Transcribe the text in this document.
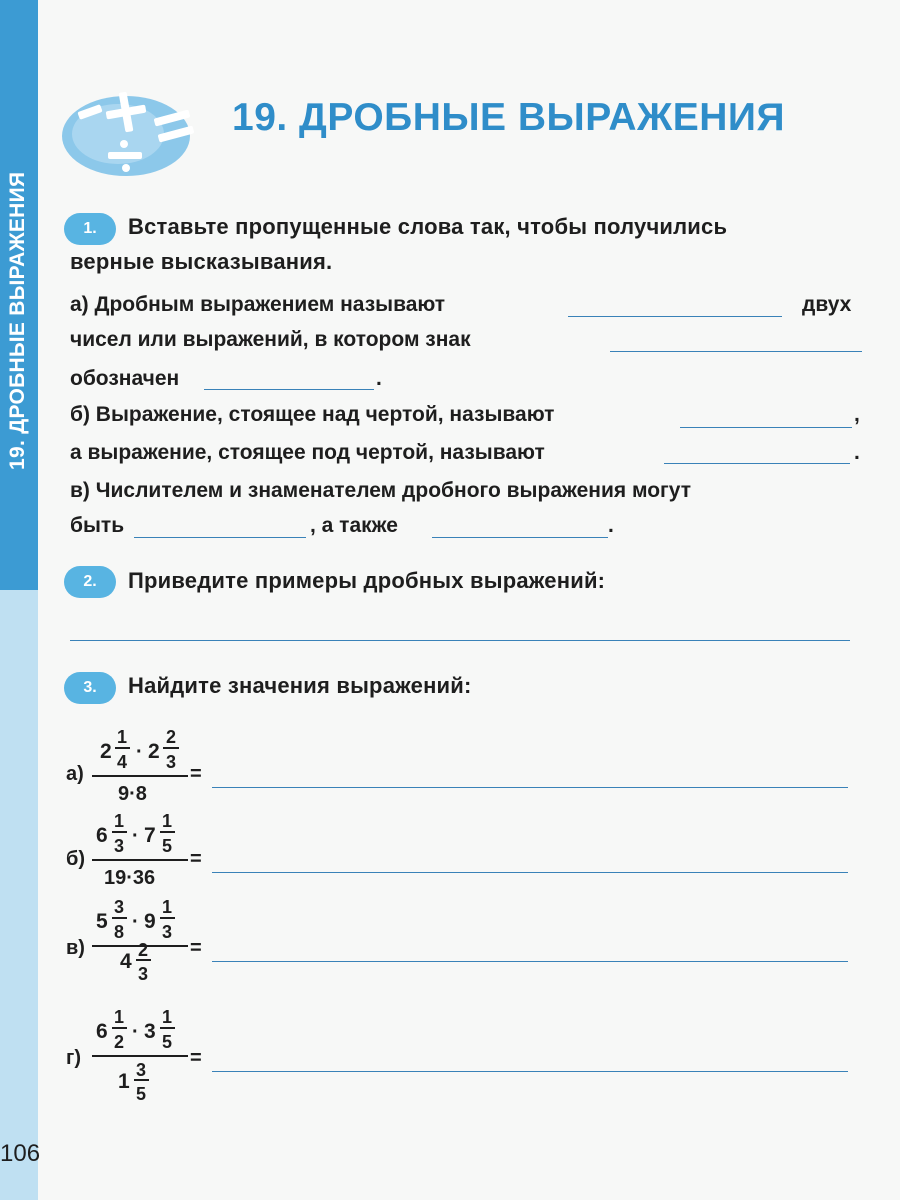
19. ДРОБНЫЕ ВЫРАЖЕНИЯ
1.	Вставьте пропущенные слова так, чтобы получились
верные высказывания.
а) Дробным выражением называют	двух
чисел или выражений, в котором знак
обозначен	.
б) Выражение, стоящее над чертой, называют	,
а выражение, стоящее под чертой, называют	.
в) Числителем и знаменателем дробного выражения могут
быть	, а также	.
2.	Приведите примеры дробных выражений:
3.	Найдите значения выражений:
а)
2
1
4 · 2
2
3
9·8
=
б)
6
1
3 · 7
1
5
19·36
=
в)
5
3
8 · 9
1
3
4 2
3
=
г)
6
1
2 · 3
1
5
1 3
5
=
106
